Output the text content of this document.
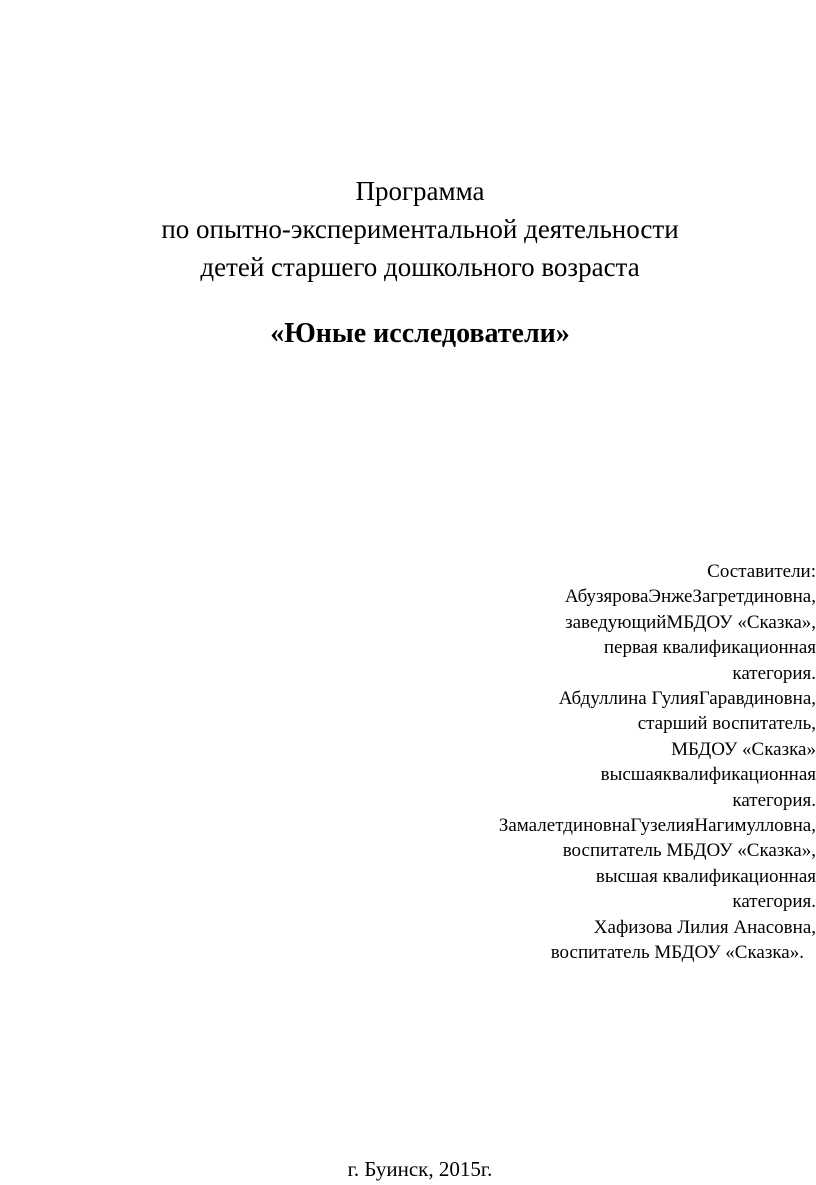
Программа
по опытно-экспериментальной деятельности
детей старшего дошкольного возраста
«Юные исследователи»
Составители:
АбузяроваЭнжеЗагретдиновна,
заведующийМБДОУ «Сказка»,
первая квалификационная
категория.
Абдуллина ГулияГаравдиновна,
старший воспитатель,
МБДОУ «Сказка»
высшаяквалификационная
категория.
ЗамалетдиновнаГузелияНагимулловна,
воспитатель МБДОУ «Сказка»,
высшая квалификационная
категория.
Хафизова Лилия Анасовна,
воспитатель МБДОУ «Сказка».
г. Буинск, 2015г.
